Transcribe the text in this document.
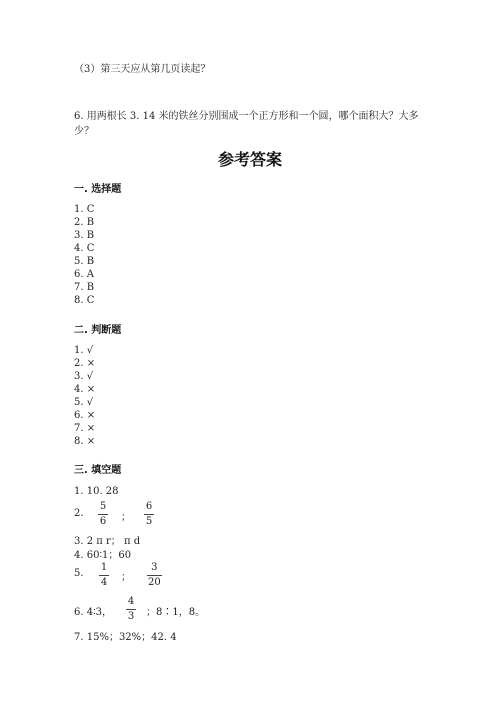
（3）第三天应从第几页读起？
6. 用两根长 3. 14 米的铁丝分别围成一个正方形和一个圆，哪个面积大？大多
少？
参考答案
一. 选择题
1. C
2. B
3. B
4. C
5. B
6. A
7. B
8. C
二. 判断题
1. √
2. ×
3. √
4. ×
5. √
6. ×
7. ×
8. ×
三. 填空题
1. 10. 28
2.
5
6 ；
6
5
3. 2 π r； π d
4. 60∶1；60
5.
1
4 ；
3
20
6. 4∶3，
4
3 ；8∶1，8。
7. 15%；32%；42. 4
